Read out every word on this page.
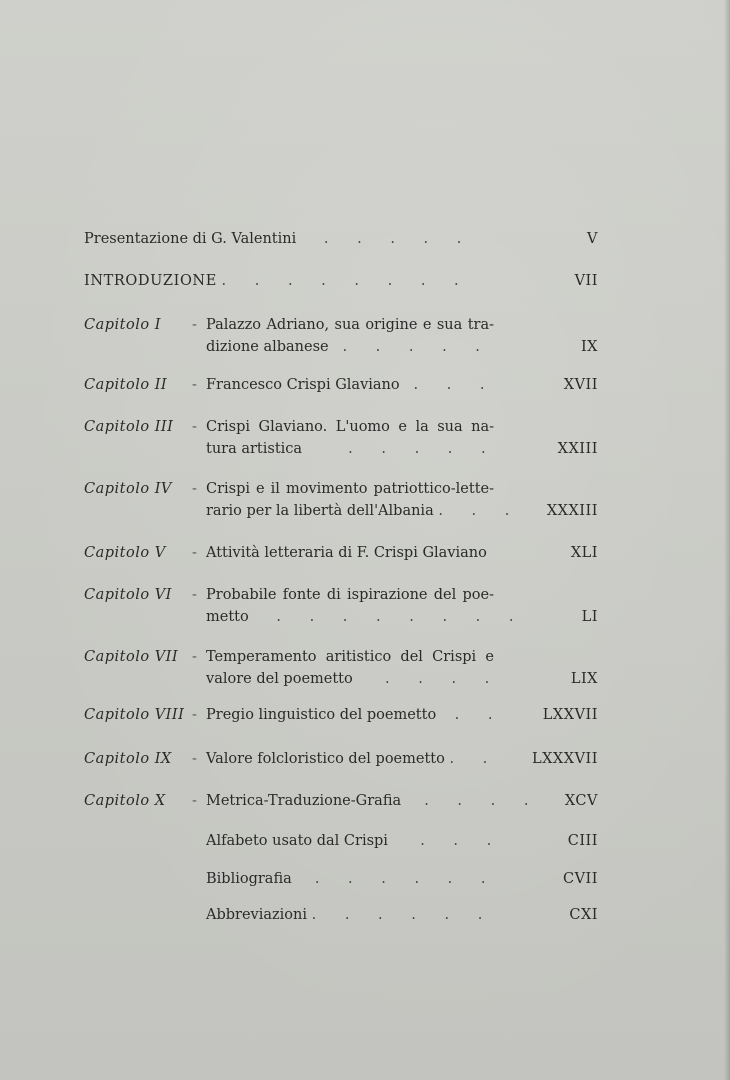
Presentazione di G. Valentini . . . . .	V
INTRODUZIONE . . . . . . . .	VII
Capitolo I - Palazzo Adriano, sua origine e sua tra-
dizione albanese . . . . .	IX
Capitolo II - Francesco Crispi Glaviano . . .	XVII
Capitolo III - Crispi Glaviano. L'uomo e la sua na-
tura artistica	. . . . .	XXIII
Capitolo IV - Crispi e il movimento patriottico-lette-
rario per la libertà dell'Albania . . . XXXIII
Capitolo V - Attività letteraria di F. Crispi Glaviano	XLI
Capitolo VI - Probabile fonte di ispirazione del poe-
metto . . . . . . . .	LI
Capitolo VII - Temperamento aritistico del Crispi e
valore del poemetto . . . .	LIX
Capitolo VIII - Pregio linguistico del poemetto . .	LXXVII
Capitolo IX - Valore folcloristico del poemetto . . LXXXVII
Capitolo X - Metrica-Traduzione-Grafia . . . . XCV
Alfabeto usato dal Crispi . . .	CIII
Bibliografia . . . . . .	CVII
Abbreviazioni . . . . . .	CXI
